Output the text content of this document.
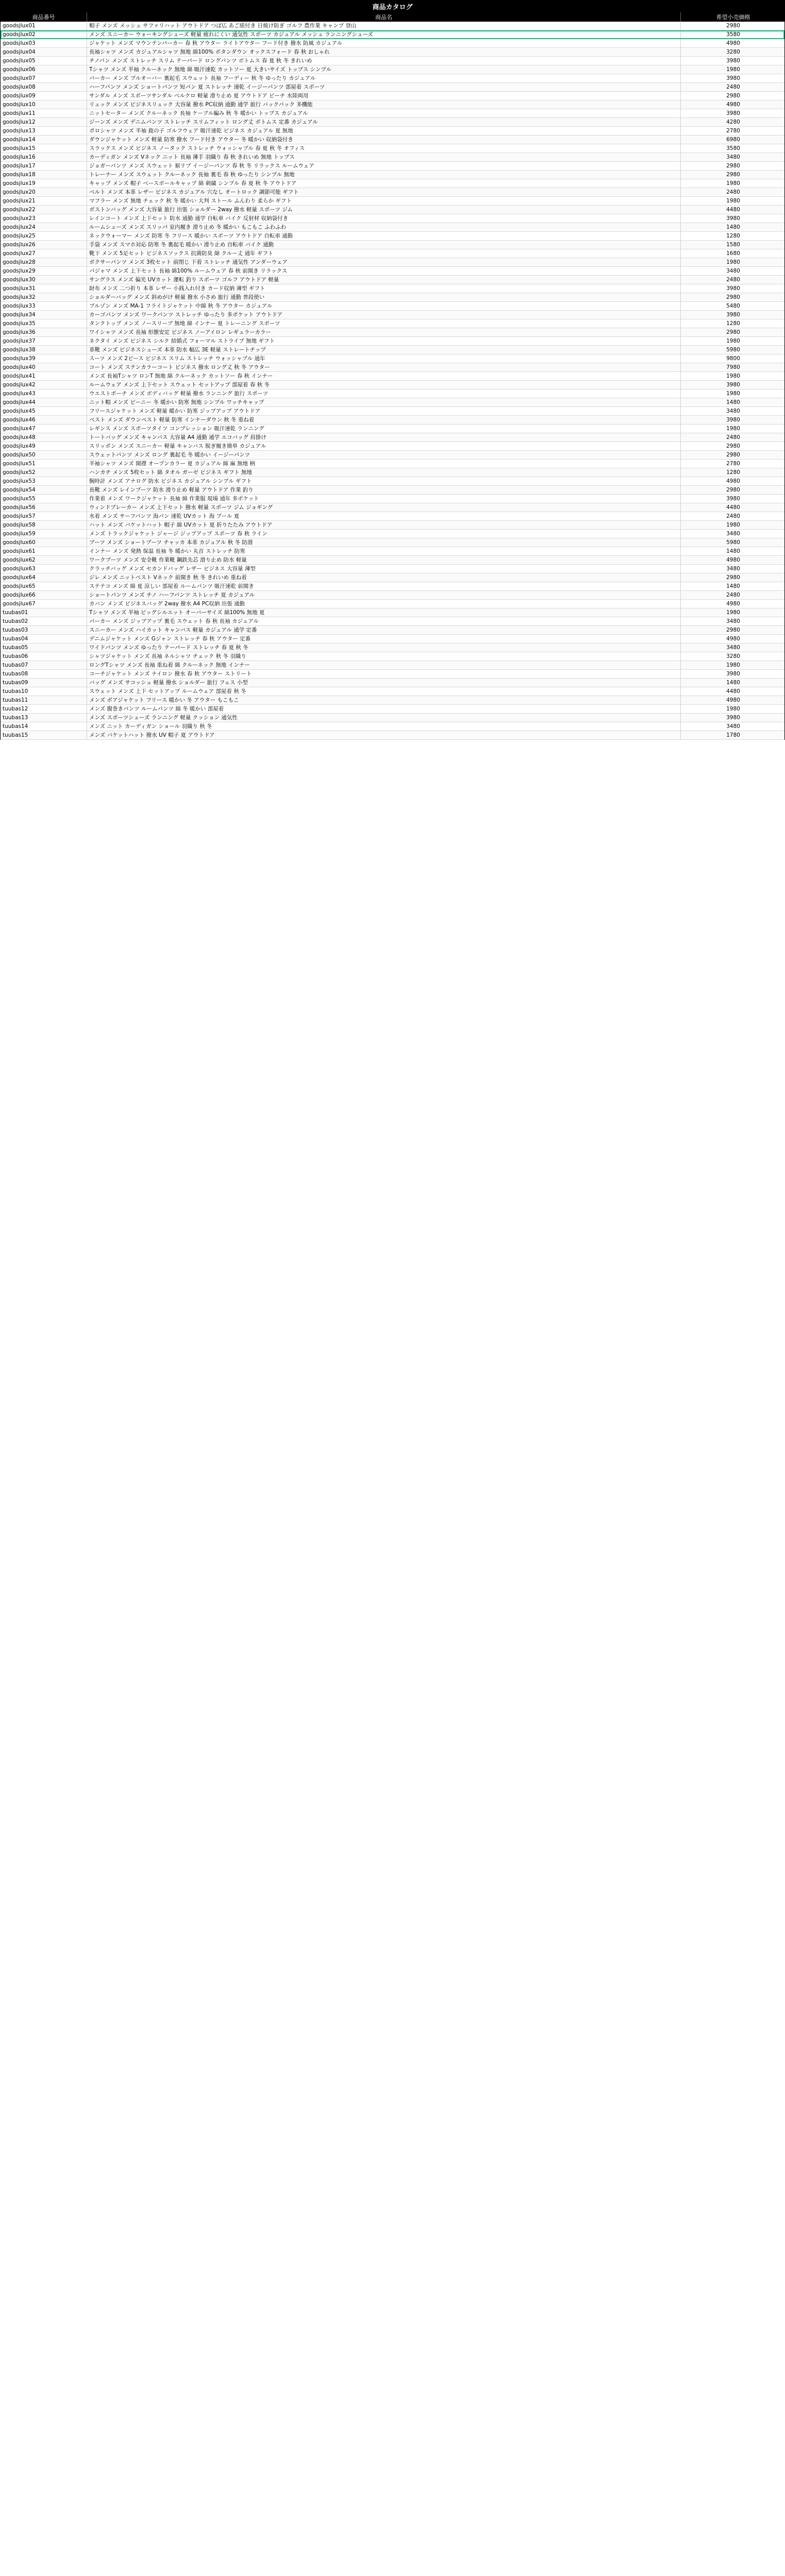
商品カタログ
商品番号	商品名	希望小売価格
goodsjlux01	帽子 メンズ メッシュ サファリハット アウトドア つば広 あご紐付き 日焼け防ぎ ゴルフ 農作業 キャンプ 登山	2980
goodsjlux02	メンズ スニーカー ウォーキングシューズ 軽量 疲れにくい 通気性 スポーツ カジュアル メッシュ ランニングシューズ	3580
goodsjlux03	ジャケット メンズ マウンテンパーカー 春 秋 アウター ライトアウター フード付き 撥水 防風 カジュアル	4980
goodsjlux04	長袖シャツ メンズ カジュアルシャツ 無地 綿100% ボタンダウン オックスフォード 春 秋 おしゃれ	3280
goodsjlux05	チノパン メンズ ストレッチ スリム テーパード ロングパンツ ボトムス 春 夏 秋 冬 きれいめ	3980
goodsjlux06	Tシャツ メンズ 半袖 クルーネック 無地 綿 吸汗速乾 カットソー 夏 大きいサイズ トップス シンプル	1980
goodsjlux07	パーカー メンズ プルオーバー 裏起毛 スウェット 長袖 フーディー 秋 冬 ゆったり カジュアル	3980
goodsjlux08	ハーフパンツ メンズ ショートパンツ 短パン 夏 ストレッチ 速乾 イージーパンツ 部屋着 スポーツ	2480
goodsjlux09	サンダル メンズ スポーツサンダル ベルクロ 軽量 滑り止め 夏 アウトドア ビーチ 水陸両用	2980
goodsjlux10	リュック メンズ ビジネスリュック 大容量 撥水 PC収納 通勤 通学 旅行 バックパック 多機能	4980
goodsjlux11	ニットセーター メンズ クルーネック 長袖 ケーブル編み 秋 冬 暖かい トップス カジュアル	3980
goodsjlux12	ジーンズ メンズ デニムパンツ ストレッチ スリムフィット ロング丈 ボトムス 定番 カジュアル	4280
goodsjlux13	ポロシャツ メンズ 半袖 鹿の子 ゴルフウェア 吸汗速乾 ビジネス カジュアル 夏 無地	2780
goodsjlux14	ダウンジャケット メンズ 軽量 防寒 撥水 フード付き アウター 冬 暖かい 収納袋付き	6980
goodsjlux15	スラックス メンズ ビジネス ノータック ストレッチ ウォッシャブル 春 夏 秋 冬 オフィス	3580
goodsjlux16	カーディガン メンズ Vネック ニット 長袖 薄手 羽織り 春 秋 きれいめ 無地 トップス	3480
goodsjlux17	ジョガーパンツ メンズ スウェット 裾リブ イージーパンツ 春 秋 冬 リラックス ルームウェア	2980
goodsjlux18	トレーナー メンズ スウェット クルーネック 長袖 裏毛 春 秋 ゆったり シンプル 無地	2980
goodsjlux19	キャップ メンズ 帽子 ベースボールキャップ 綿 刺繍 シンプル 春 夏 秋 冬 アウトドア	1980
goodsjlux20	ベルト メンズ 本革 レザー ビジネス カジュアル 穴なし オートロック 調節可能 ギフト	2480
goodsjlux21	マフラー メンズ 無地 チェック 秋 冬 暖かい 大判 ストール ふんわり 柔らか ギフト	1980
goodsjlux22	ボストンバッグ メンズ 大容量 旅行 出張 ショルダー 2way 撥水 軽量 スポーツ ジム	4480
goodsjlux23	レインコート メンズ 上下セット 防水 通勤 通学 自転車 バイク 反射材 収納袋付き	3980
goodsjlux24	ルームシューズ メンズ スリッパ 室内履き 滑り止め 冬 暖かい もこもこ ふわふわ	1480
goodsjlux25	ネックウォーマー メンズ 防寒 冬 フリース 暖かい スポーツ アウトドア 自転車 通勤	1280
goodsjlux26	手袋 メンズ スマホ対応 防寒 冬 裏起毛 暖かい 滑り止め 自転車 バイク 通勤	1580
goodsjlux27	靴下 メンズ 5足セット ビジネスソックス 抗菌防臭 綿 クルー丈 通年 ギフト	1680
goodsjlux28	ボクサーパンツ メンズ 3枚セット 前閉じ 下着 ストレッチ 通気性 アンダーウェア	1980
goodsjlux29	パジャマ メンズ 上下セット 長袖 綿100% ルームウェア 春 秋 前開き リラックス	3480
goodsjlux30	サングラス メンズ 偏光 UVカット 運転 釣り スポーツ ゴルフ アウトドア 軽量	2480
goodsjlux31	財布 メンズ 二つ折り 本革 レザー 小銭入れ付き カード収納 薄型 ギフト	3980
goodsjlux32	ショルダーバッグ メンズ 斜めがけ 軽量 撥水 小さめ 旅行 通勤 普段使い	2980
goodsjlux33	ブルゾン メンズ MA-1 フライトジャケット 中綿 秋 冬 アウター カジュアル	5480
goodsjlux34	カーゴパンツ メンズ ワークパンツ ストレッチ ゆったり 多ポケット アウトドア	3980
goodsjlux35	タンクトップ メンズ ノースリーブ 無地 綿 インナー 夏 トレーニング スポーツ	1280
goodsjlux36	ワイシャツ メンズ 長袖 形態安定 ビジネス ノーアイロン レギュラーカラー	2980
goodsjlux37	ネクタイ メンズ ビジネス シルク 結婚式 フォーマル ストライプ 無地 ギフト	1980
goodsjlux38	革靴 メンズ ビジネスシューズ 本革 防水 幅広 3E 軽量 ストレートチップ	5980
goodsjlux39	スーツ メンズ 2ピース ビジネス スリム ストレッチ ウォッシャブル 通年	9800
goodsjlux40	コート メンズ ステンカラーコート ビジネス 撥水 ロング丈 秋 冬 アウター	7980
goodsjlux41	メンズ 長袖Tシャツ ロンT 無地 綿 クルーネック カットソー 春 秋 インナー	1980
goodsjlux42	ルームウェア メンズ 上下セット スウェット セットアップ 部屋着 春 秋 冬	3980
goodsjlux43	ウエストポーチ メンズ ボディバッグ 軽量 撥水 ランニング 旅行 スポーツ	1980
goodsjlux44	ニット帽 メンズ ビーニー 冬 暖かい 防寒 無地 シンプル ワッチキャップ	1480
goodsjlux45	フリースジャケット メンズ 軽量 暖かい 防寒 ジップアップ アウトドア	3480
goodsjlux46	ベスト メンズ ダウンベスト 軽量 防寒 インナーダウン 秋 冬 重ね着	3980
goodsjlux47	レギンス メンズ スポーツタイツ コンプレッション 吸汗速乾 ランニング	1980
goodsjlux48	トートバッグ メンズ キャンバス 大容量 A4 通勤 通学 エコバッグ 肩掛け	2480
goodsjlux49	スリッポン メンズ スニーカー 軽量 キャンバス 脱ぎ履き簡単 カジュアル	2980
goodsjlux50	スウェットパンツ メンズ ロング 裏起毛 冬 暖かい イージーパンツ	2980
goodsjlux51	半袖シャツ メンズ 開襟 オープンカラー 夏 カジュアル 綿 麻 無地 柄	2780
goodsjlux52	ハンカチ メンズ 5枚セット 綿 タオル ガーゼ ビジネス ギフト 無地	1280
goodsjlux53	腕時計 メンズ アナログ 防水 ビジネス カジュアル シンプル ギフト	4980
goodsjlux54	長靴 メンズ レインブーツ 防水 滑り止め 軽量 アウトドア 作業 釣り	2980
goodsjlux55	作業着 メンズ ワークジャケット 長袖 綿 作業服 現場 通年 多ポケット	3980
goodsjlux56	ウィンドブレーカー メンズ 上下セット 撥水 軽量 スポーツ ジム ジョギング	4480
goodsjlux57	水着 メンズ サーフパンツ 海パン 速乾 UVカット 海 プール 夏	2480
goodsjlux58	ハット メンズ バケットハット 帽子 綿 UVカット 夏 折りたたみ アウトドア	1980
goodsjlux59	メンズ トラックジャケット ジャージ ジップアップ スポーツ 春 秋 ライン	3480
goodsjlux60	ブーツ メンズ ショートブーツ チャッカ 本革 カジュアル 秋 冬 防滑	5980
goodsjlux61	インナー メンズ 発熱 保温 長袖 冬 暖かい 丸首 ストレッチ 防寒	1480
goodsjlux62	ワークブーツ メンズ 安全靴 作業靴 鋼鉄先芯 滑り止め 防水 軽量	4980
goodsjlux63	クラッチバッグ メンズ セカンドバッグ レザー ビジネス 大容量 薄型	3480
goodsjlux64	ジレ メンズ ニットベスト Vネック 前開き 秋 冬 きれいめ 重ね着	2980
goodsjlux65	ステテコ メンズ 綿 夏 涼しい 部屋着 ルームパンツ 吸汗速乾 前開き	1480
goodsjlux66	ショートパンツ メンズ チノ ハーフパンツ ストレッチ 夏 カジュアル	2480
goodsjlux67	カバン メンズ ビジネスバッグ 2way 撥水 A4 PC収納 出張 通勤	4980
tuubas01	Tシャツ メンズ 半袖 ビッグシルエット オーバーサイズ 綿100% 無地 夏	1980
tuubas02	パーカー メンズ ジップアップ 裏毛 スウェット 春 秋 長袖 カジュアル	3480
tuubas03	スニーカー メンズ ハイカット キャンバス 軽量 カジュアル 通学 定番	2980
tuubas04	デニムジャケット メンズ Gジャン ストレッチ 春 秋 アウター 定番	4980
tuubas05	ワイドパンツ メンズ ゆったり テーパード ストレッチ 春 夏 秋 冬	3480
tuubas06	シャツジャケット メンズ 長袖 ネルシャツ チェック 秋 冬 羽織り	3280
tuubas07	ロングTシャツ メンズ 長袖 重ね着 綿 クルーネック 無地 インナー	1980
tuubas08	コーチジャケット メンズ ナイロン 撥水 春 秋 アウター ストリート	3980
tuubas09	バッグ メンズ サコッシュ 軽量 撥水 ショルダー 旅行 フェス 小型	1480
tuubas10	スウェット メンズ 上下 セットアップ ルームウェア 部屋着 秋 冬	4480
tuubas11	メンズ ボアジャケット フリース 暖かい 冬 アウター もこもこ	4980
tuubas12	メンズ 腹巻きパンツ ルームパンツ 綿 冬 暖かい 部屋着	1980
tuubas13	メンズ スポーツシューズ ランニング 軽量 クッション 通気性	3980
tuubas14	メンズ ニット カーディガン ショール 羽織り 秋 冬	3480
tuubas15	メンズ バケットハット 撥水 UV 帽子 夏 アウトドア	1780
